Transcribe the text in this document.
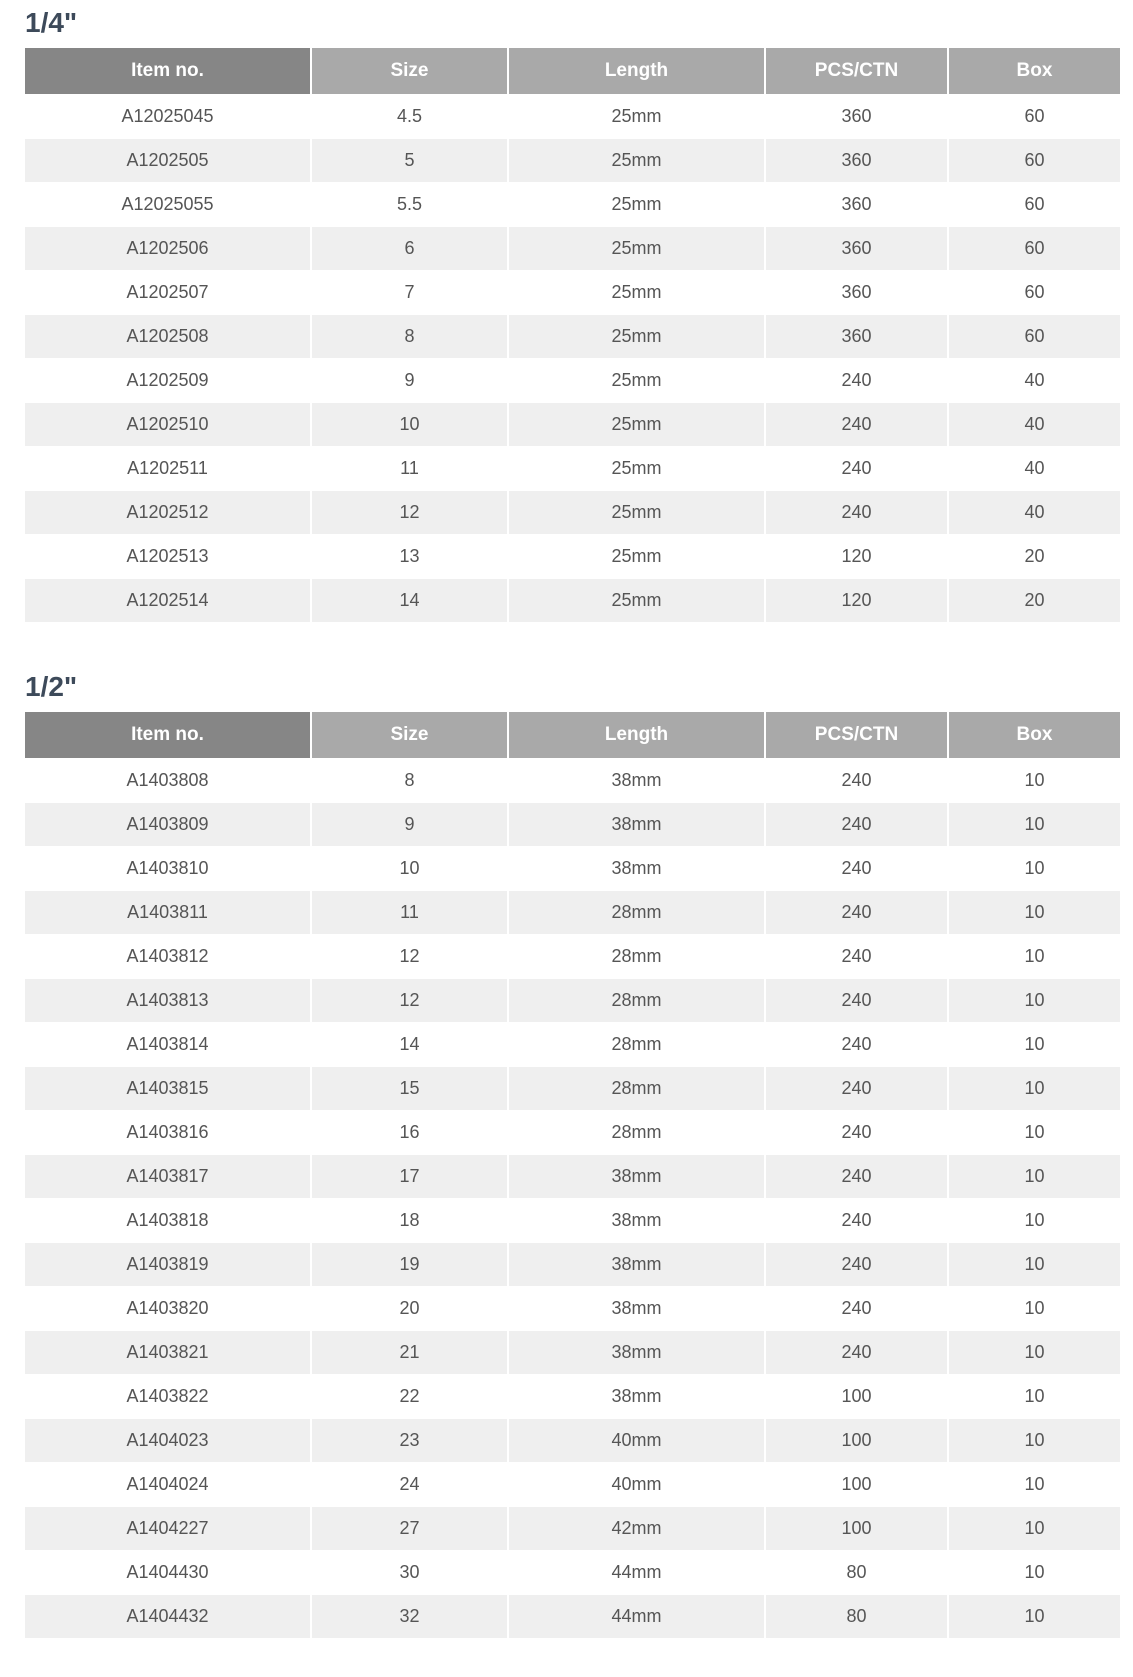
1/4"
Item no.	Size	Length	PCS/CTN	Box
A12025045	4.5	25mm	360	60
A1202505	5	25mm	360	60
A12025055	5.5	25mm	360	60
A1202506	6	25mm	360	60
A1202507	7	25mm	360	60
A1202508	8	25mm	360	60
A1202509	9	25mm	240	40
A1202510	10	25mm	240	40
A1202511	11	25mm	240	40
A1202512	12	25mm	240	40
A1202513	13	25mm	120	20
A1202514	14	25mm	120	20
1/2"
Item no.	Size	Length	PCS/CTN	Box
A1403808	8	38mm	240	10
A1403809	9	38mm	240	10
A1403810	10	38mm	240	10
A1403811	11	28mm	240	10
A1403812	12	28mm	240	10
A1403813	12	28mm	240	10
A1403814	14	28mm	240	10
A1403815	15	28mm	240	10
A1403816	16	28mm	240	10
A1403817	17	38mm	240	10
A1403818	18	38mm	240	10
A1403819	19	38mm	240	10
A1403820	20	38mm	240	10
A1403821	21	38mm	240	10
A1403822	22	38mm	100	10
A1404023	23	40mm	100	10
A1404024	24	40mm	100	10
A1404227	27	42mm	100	10
A1404430	30	44mm	80	10
A1404432	32	44mm	80	10
